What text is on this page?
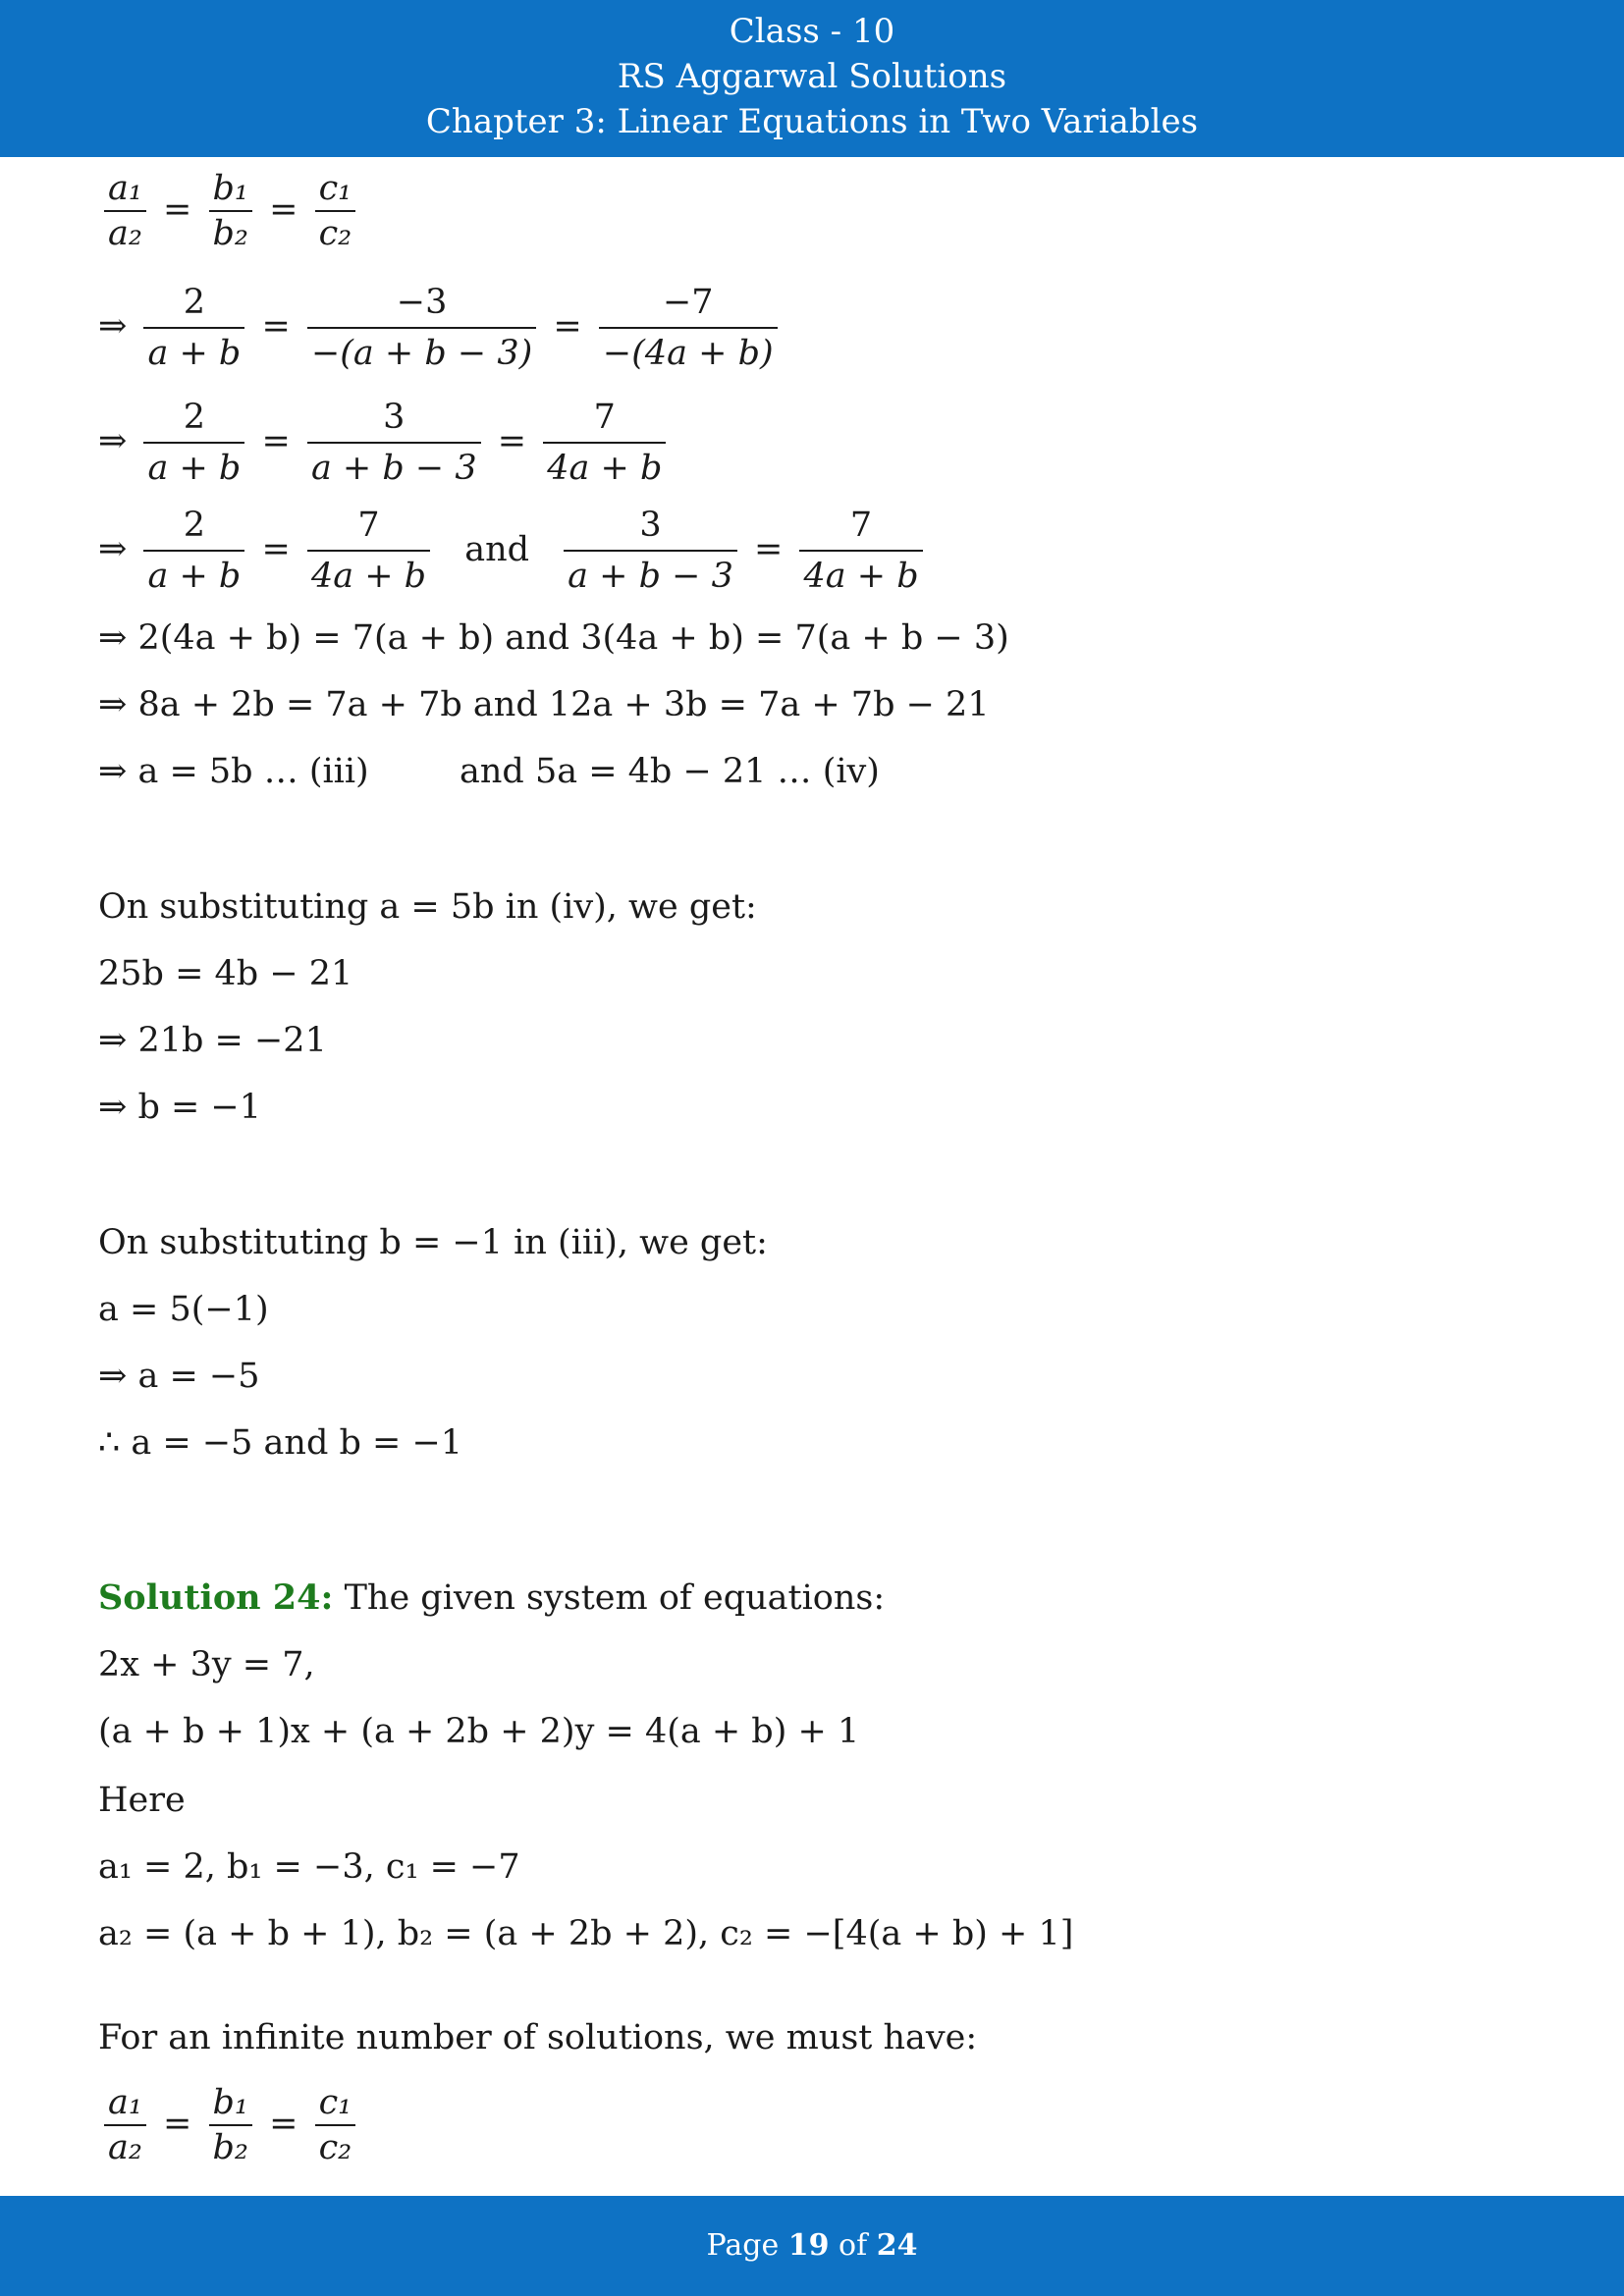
Class - 10
RS Aggarwal Solutions
Chapter 3: Linear Equations in Two Variables
$\frac{\text{a₁}}{\text{a₂}} = \frac{\text{b₁}}{\text{b₂}} = \frac{\text{c₁}}{\text{c₂}}$
⇒ $\frac{2}{a + b} = \frac{-3}{-(a + b - 3)} = \frac{-7}{-(4a + b)}$
⇒ $\frac{2}{a + b} = \frac{3}{a + b - 3} = \frac{7}{4a + b}$
⇒ $\frac{2}{a + b} = \frac{7}{4a + b}$ and $\frac{3}{a + b - 3} = \frac{7}{4a + b}$
⇒ 2(4a + b) = 7(a + b) and 3(4a + b) = 7(a + b − 3)
⇒ 8a + 2b = 7a + 7b and 12a + 3b = 7a + 7b − 21
⇒ a = 5b … (iii)	and 5a = 4b − 21 … (iv)
On substituting a = 5b in (iv), we get:
25b = 4b − 21
⇒ 21b = −21
⇒ b = −1
On substituting b = −1 in (iii), we get:
a = 5(−1)
⇒ a = −5
∴ a = −5 and b = −1
Solution 24: The given system of equations:
2x + 3y = 7,
(a + b + 1)x + (a + 2b + 2)y = 4(a + b) + 1
Here
a₁ = 2, b₁ = −3, c₁ = −7
a₂ = (a + b + 1), b₂ = (a + 2b + 2), c₂ = −[4(a + b) + 1]
For an infinite number of solutions, we must have:
$\frac{\text{a₁}}{\text{a₂}} = \frac{\text{b₁}}{\text{b₂}} = \frac{\text{c₁}}{\text{c₂}}$
Page 19 of 24
